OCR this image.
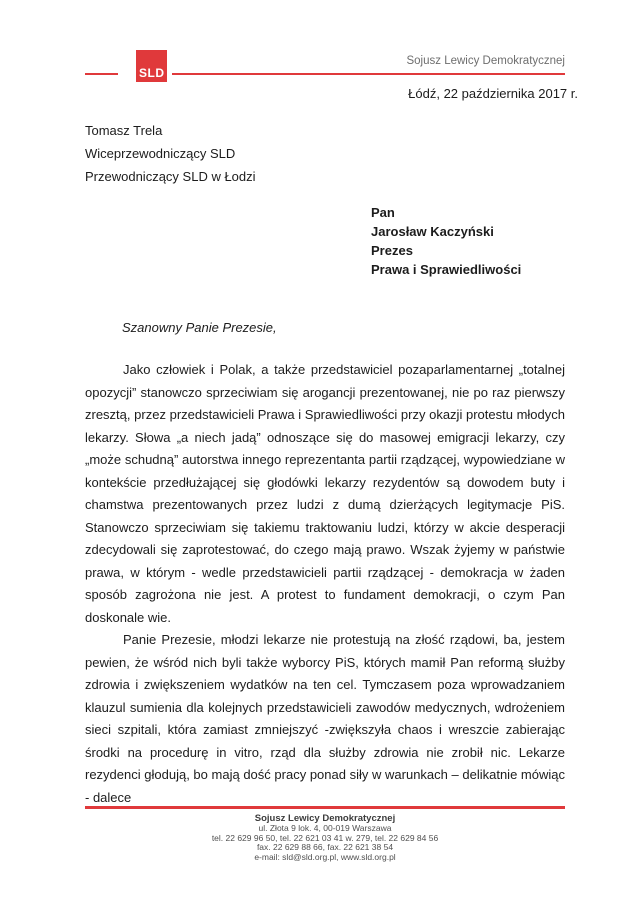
SLD
Sojusz Lewicy Demokratycznej
Łódź, 22 października 2017 r.
Tomasz Trela
Wiceprzewodniczący SLD
Przewodniczący SLD w Łodzi
Pan
Jarosław Kaczyński
Prezes
Prawa i Sprawiedliwości
Szanowny Panie Prezesie,

Jako człowiek i Polak, a także przedstawiciel pozaparlamentarnej „totalnej opozycji” stanowczo sprzeciwiam się arogancji prezentowanej, nie po raz pierwszy zresztą, przez przedstawicieli Prawa i Sprawiedliwości przy okazji protestu młodych lekarzy. Słowa „a niech jadą” odnoszące się do masowej emigracji lekarzy, czy „może schudną” autorstwa innego reprezentanta partii rządzącej, wypowiedziane w kontekście przedłużającej się głodówki lekarzy rezydentów są dowodem buty i chamstwa prezentowanych przez ludzi z dumą dzierżących legitymacje PiS. Stanowczo sprzeciwiam się takiemu traktowaniu ludzi, którzy w akcie desperacji zdecydowali się zaprotestować, do czego mają prawo. Wszak żyjemy w państwie prawa, w którym - wedle przedstawicieli partii rządzącej - demokracja w żaden sposób zagrożona nie jest. A protest to fundament demokracji, o czym Pan doskonale wie.

Panie Prezesie, młodzi lekarze nie protestują na złość rządowi, ba, jestem pewien, że wśród nich byli także wyborcy PiS, których mamił Pan reformą służby zdrowia i zwiększeniem wydatków na ten cel. Tymczasem poza wprowadzaniem klauzul sumienia dla kolejnych przedstawicieli zawodów medycznych, wdrożeniem sieci szpitali, która zamiast zmniejszyć -zwiększyła chaos i wreszcie zabierając środki na procedurę in vitro, rząd dla służby zdrowia nie zrobił nic. Lekarze rezydenci głodują, bo mają dość pracy ponad siły w warunkach – delikatnie mówiąc - dalece

Sojusz Lewicy Demokratycznej
ul. Złota 9 lok. 4, 00-019 Warszawa
tel. 22 629 96 50, tel. 22 621 03 41 w. 279, tel. 22 629 84 56
fax. 22 629 88 66, fax. 22 621 38 54
e-mail: sld@sld.org.pl, www.sld.org.pl
